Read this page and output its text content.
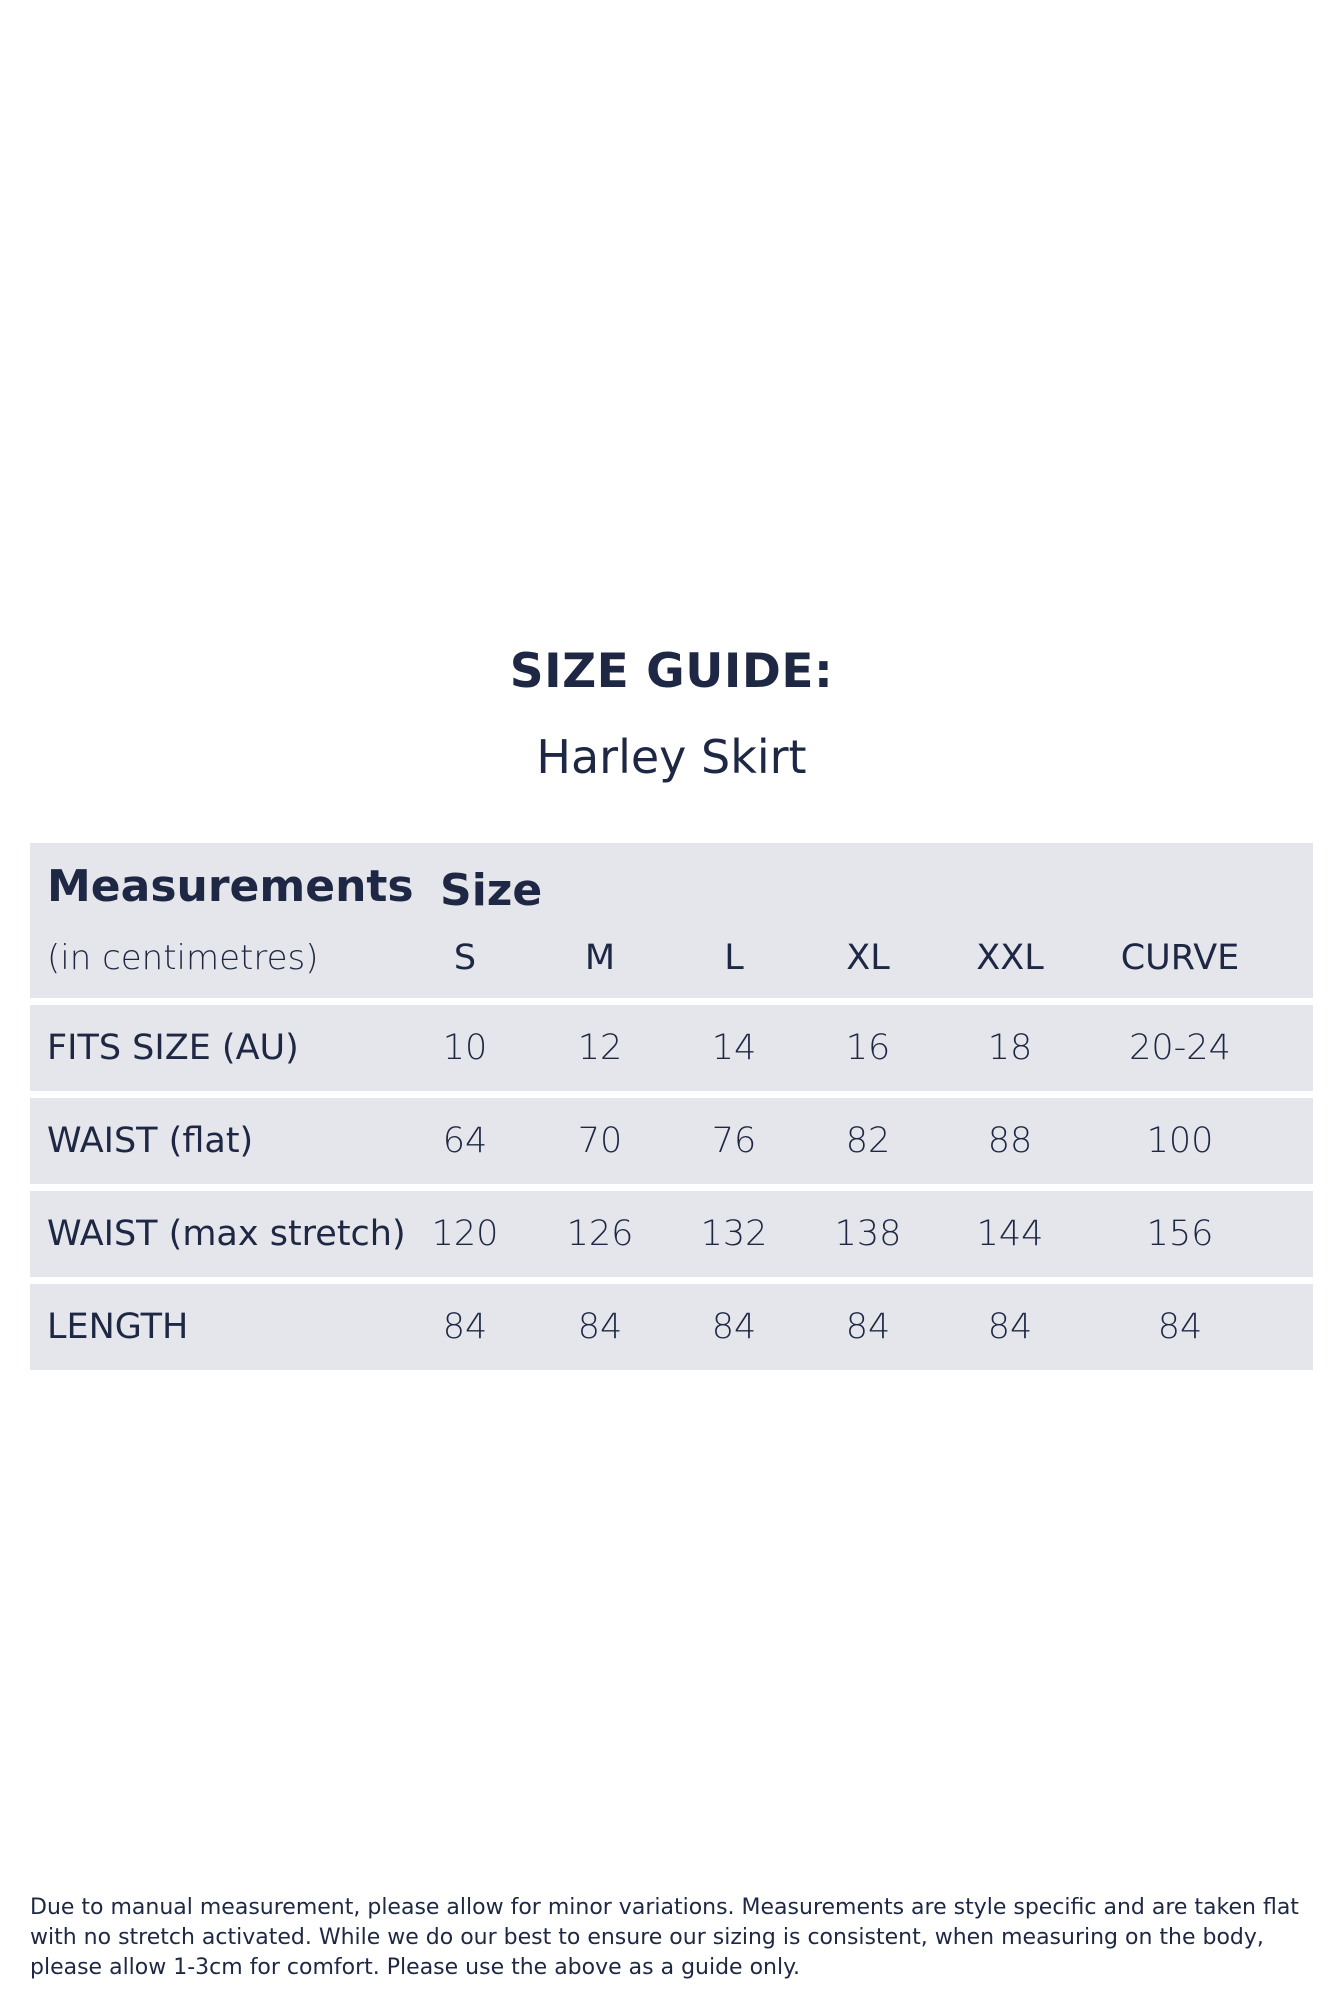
SIZE GUIDE:
Harley Skirt
Measurements
(in centimetres)
Size
S	M	L	XL	XXL	CURVE
FITS SIZE (AU)	10	12	14	16	18	20-24
WAIST (flat)	64	70	76	82	88	100
WAIST (max stretch) 120	126	132	138	144	156
LENGTH	84	84	84	84	84	84
Due to manual measurement, please allow for minor variations. Measurements are style specific and are taken flat with no stretch activated. While we do our best to ensure our sizing is consistent, when measuring on the body, please allow 1-3cm for comfort. Please use the above as a guide only.
